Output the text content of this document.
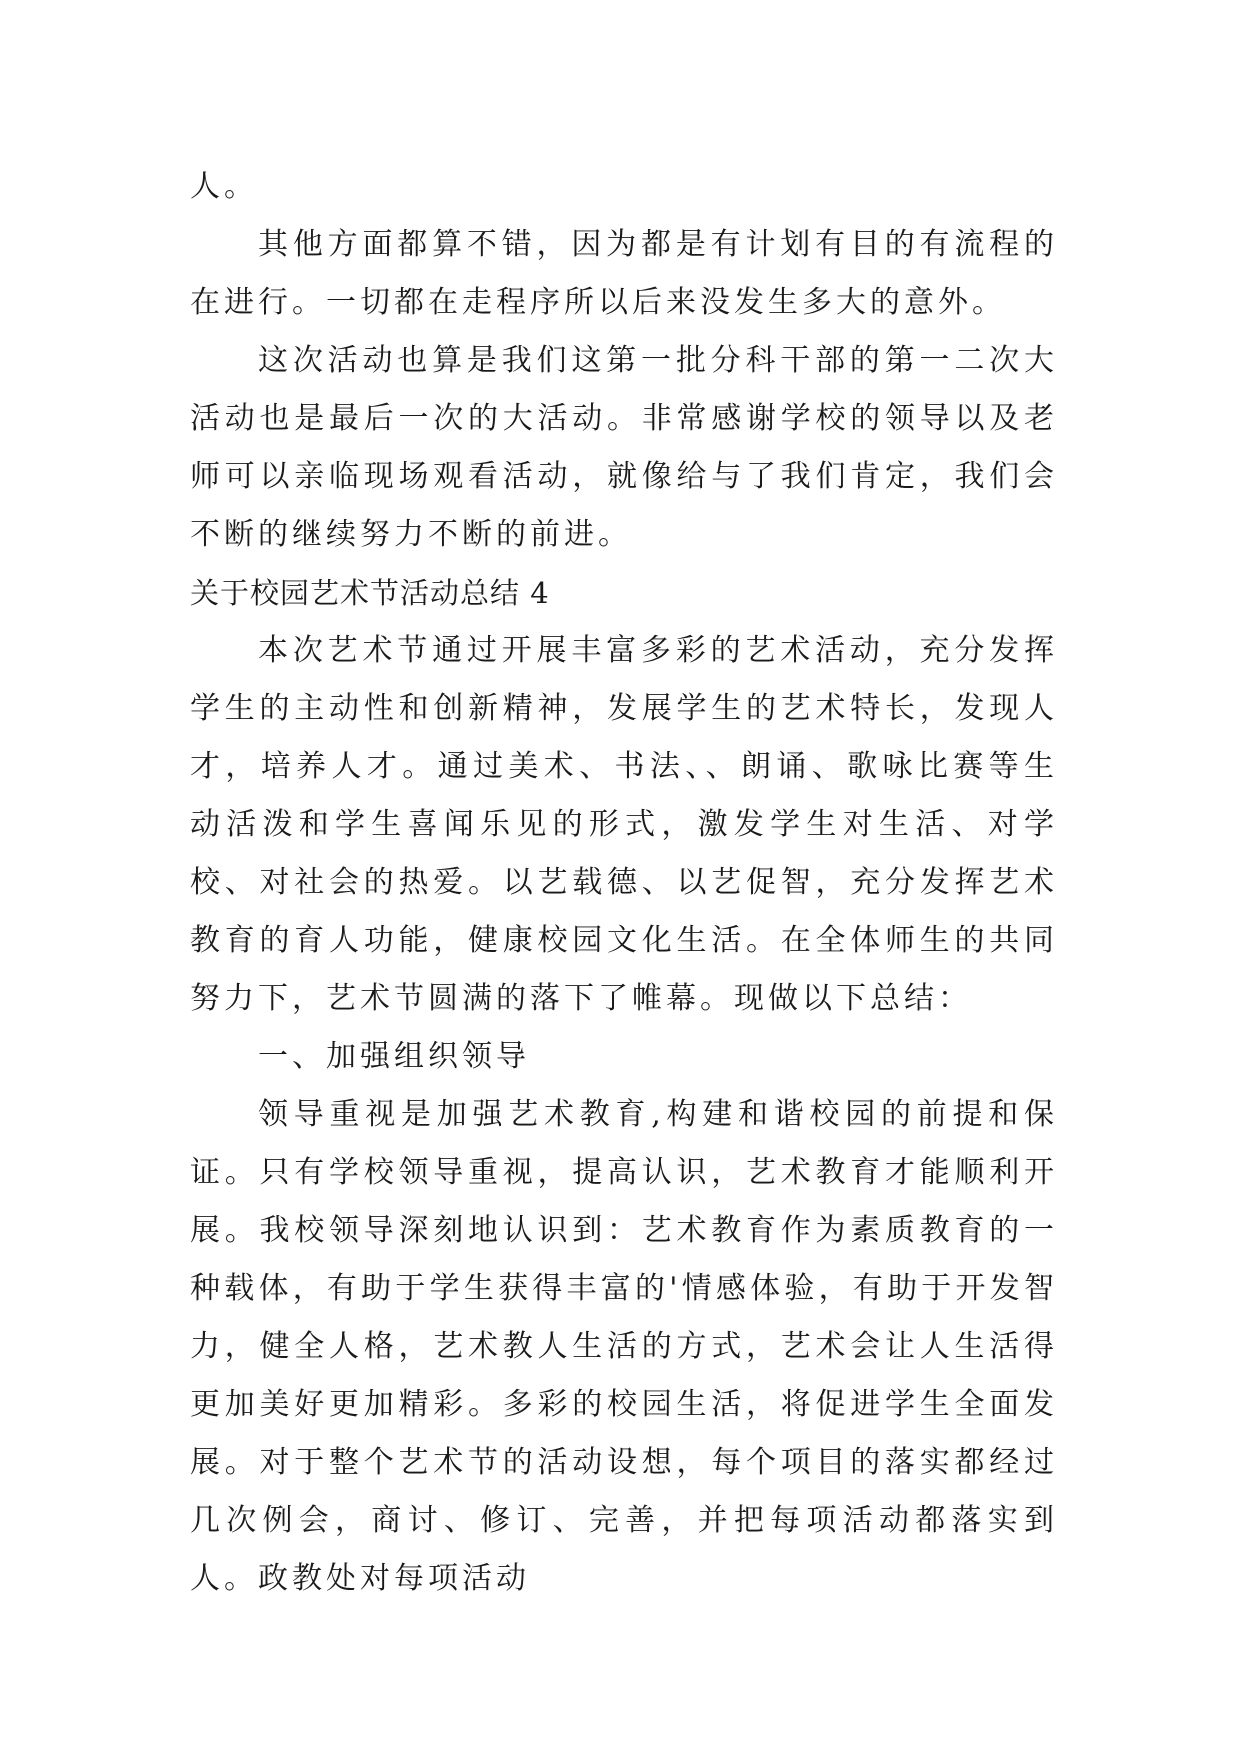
人。

其他方面都算不错，因为都是有计划有目的有流程的在进行。一切都在走程序所以后来没发生多大的意外。

这次活动也算是我们这第一批分科干部的第一二次大活动也是最后一次的大活动。非常感谢学校的领导以及老师可以亲临现场观看活动，就像给与了我们肯定，我们会不断的继续努力不断的前进。

关于校园艺术节活动总结 4

本次艺术节通过开展丰富多彩的艺术活动，充分发挥学生的主动性和创新精神，发展学生的艺术特长，发现人才，培养人才。通过美术、书法、、朗诵、歌咏比赛等生动活泼和学生喜闻乐见的形式，激发学生对生活、对学校、对社会的热爱。以艺载德、以艺促智，充分发挥艺术教育的育人功能，健康校园文化生活。在全体师生的共同努力下，艺术节圆满的落下了帷幕。现做以下总结：

一、加强组织领导

领导重视是加强艺术教育,构建和谐校园的前提和保证。只有学校领导重视，提高认识，艺术教育才能顺利开展。我校领导深刻地认识到：艺术教育作为素质教育的一种载体，有助于学生获得丰富的'情感体验，有助于开发智力，健全人格，艺术教人生活的方式，艺术会让人生活得更加美好更加精彩。多彩的校园生活，将促进学生全面发展。对于整个艺术节的活动设想，每个项目的落实都经过几次例会，商讨、修订、完善，并把每项活动都落实到人。政教处对每项活动
